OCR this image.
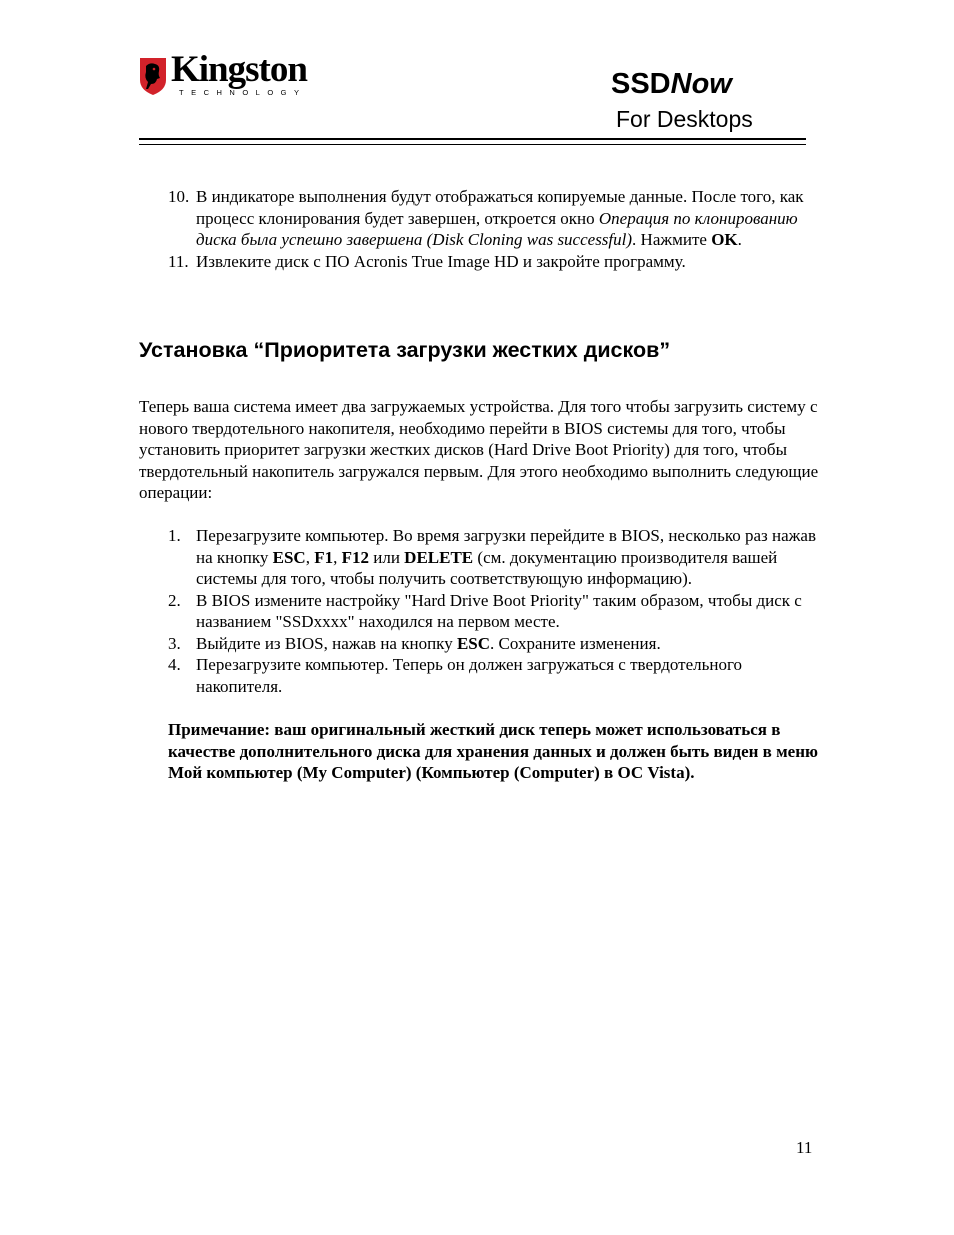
Kingston
TECHNOLOGY	SSDNow
For Desktops
10. В индикаторе выполнения будут отображаться копируемые данные. После того, как процесс клонирования будет завершен, откроется окно Операция по клонированию диска была успешно завершена (Disk Cloning was successful). Нажмите OK.
11. Извлеките диск с ПО Acronis True Image HD и закройте программу.
Установка “Приоритета загрузки жестких дисков”

Теперь ваша система имеет два загружаемых устройства. Для того чтобы загрузить систему с нового твердотельного накопителя, необходимо перейти в BIOS системы для того, чтобы установить приоритет загрузки жестких дисков (Hard Drive Boot Priority) для того, чтобы твердотельный накопитель загружался первым. Для этого необходимо выполнить следующие операции:

1. Перезагрузите компьютер. Во время загрузки перейдите в BIOS, несколько раз нажав на кнопку ESC, F1, F12 или DELETE (см. документацию производителя вашей системы для того, чтобы получить соответствующую информацию).
2. В BIOS измените настройку "Hard Drive Boot Priority" таким образом, чтобы диск с названием "SSDxxxx" находился на первом месте.
3. Выйдите из BIOS, нажав на кнопку ESC. Сохраните изменения.
4. Перезагрузите компьютер. Теперь он должен загружаться с твердотельного накопителя.

Примечание: ваш оригинальный жесткий диск теперь может использоваться в качестве дополнительного диска для хранения данных и должен быть виден в меню Мой компьютер (My Computer) (Компьютер (Computer) в ОС Vista).

11
